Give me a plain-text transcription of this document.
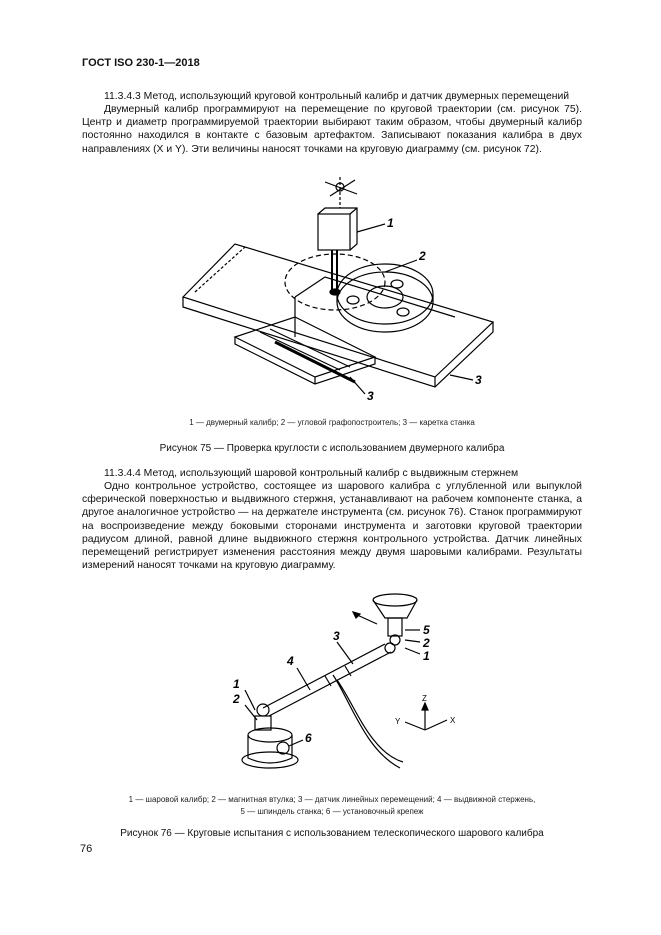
ГОСТ ISO 230-1—2018

11.3.4.3 Метод, использующий круговой контрольный калибр и датчик двумерных перемещений

Двумерный калибр программируют на перемещение по круговой траектории (см. рисунок 75). Центр и диаметр программируемой траектории выбирают таким образом, чтобы двумерный калибр постоянно находился в контакте с базовым артефактом. Записывают показания калибра в двух направлениях (X и Y). Эти величины наносят точками на круговую диаграмму (см. рисунок 72).

1
2
3
3
1 — двумерный калибр; 2 — угловой графопостроитель; 3 — каретка станка
Рисунок 75 — Проверка круглости с использованием двумерного калибра

11.3.4.4 Метод, использующий шаровой контрольный калибр с выдвижным стержнем

Одно контрольное устройство, состоящее из шарового калибра с углубленной или выпуклой сферической поверхностью и выдвижного стержня, устанавливают на рабочем компоненте станка, а другое аналогичное устройство — на держателе инструмента (см. рисунок 76). Станок программируют на воспроизведение между боковыми сторонами инструмента и заготовки круговой траектории радиусом длиной, равной длине выдвижного стержня контрольного устройства. Датчик линейных перемещений регистрирует изменения расстояния между двумя шаровыми калибрами. Результаты измерений наносят точками на круговую диаграмму.

5
2
1
3
4
1
2
6
Z
Y	X
1 — шаровой калибр; 2 — магнитная втулка; 3 — датчик линейных перемещений; 4 — выдвижной стержень,
5 — шпиндель станка; 6 — установочный крепеж
Рисунок 76 — Круговые испытания с использованием телескопического шарового калибра
76
